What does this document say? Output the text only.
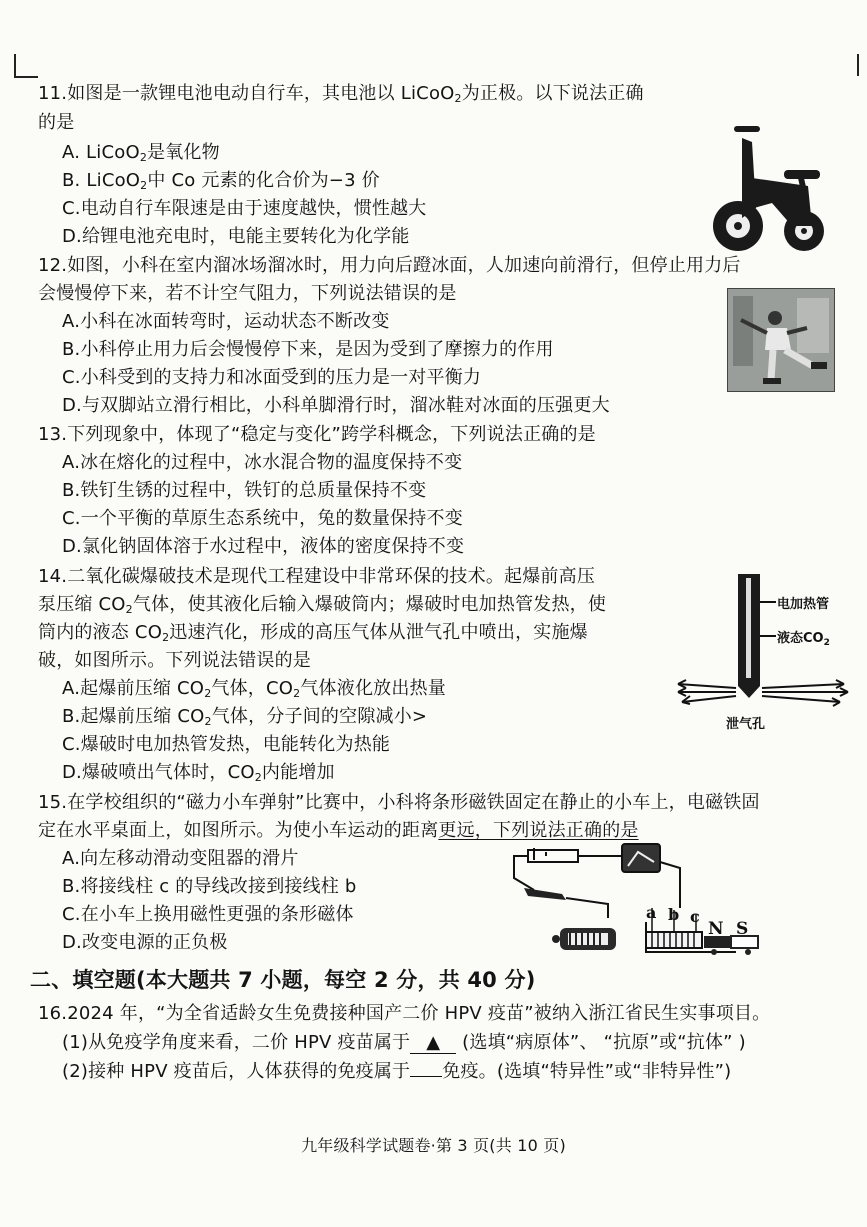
11.如图是一款锂电池电动自行车，其电池以 LiCoO$_2$为正极。以下说法正确
的是
A. LiCoO$_2$是氧化物
B. LiCoO$_2$中 Co 元素的化合价为−3 价
C.电动自行车限速是由于速度越快，惯性越大
D.给锂电池充电时，电能主要转化为化学能
12.如图，小科在室内溜冰场溜冰时，用力向后蹬冰面，人加速向前滑行，但停止用力后
会慢慢停下来，若不计空气阻力，下列说法错误的是
A.小科在冰面转弯时，运动状态不断改变
B.小科停止用力后会慢慢停下来，是因为受到了摩擦力的作用
C.小科受到的支持力和冰面受到的压力是一对平衡力
D.与双脚站立滑行相比，小科单脚滑行时，溜冰鞋对冰面的压强更大
13.下列现象中，体现了“稳定与变化”跨学科概念，下列说法正确的是
A.冰在熔化的过程中，冰水混合物的温度保持不变
B.铁钉生锈的过程中，铁钉的总质量保持不变
C.一个平衡的草原生态系统中，兔的数量保持不变
D.氯化钠固体溶于水过程中，液体的密度保持不变
14.二氧化碳爆破技术是现代工程建设中非常环保的技术。起爆前高压
泵压缩 $CO_2$气体，使其液化后输入爆破筒内；爆破时电加热管发热，使
筒内的液态 $CO_2$迅速汽化，形成的高压气体从泄气孔中喷出，实施爆
破，如图所示。下列说法错误的是
A.起爆前压缩 $CO_2$气体，$CO_2$气体液化放出热量
B.起爆前压缩 $CO_2$气体，分子间的空隙减小>
C.爆破时电加热管发热，电能转化为热能
D.爆破喷出气体时，$CO_2$内能增加
电加热管
液态$CO_2$
泄气孔
15.在学校组织的“磁力小车弹射”比赛中，小科将条形磁铁固定在静止的小车上，电磁铁固
定在水平桌面上，如图所示。为使小车运动的距离更远，下列说法正确的是
A.向左移动滑动变阻器的滑片
B.将接线柱 c 的导线改接到接线柱 b
C.在小车上换用磁性更强的条形磁体
D.改变电源的正负极
a b c
N S
二、填空题(本大题共 7 小题，每空 2 分，共 40 分)
16.2024 年，“为全省适龄女生免费接种国产二价 HPV 疫苗”被纳入浙江省民生实事项目。
(1)从免疫学角度来看，二价 HPV 疫苗属于 ▲ (选填“病原体”、 “抗原”或“抗体” )
(2)接种 HPV 疫苗后，人体获得的免疫属于 免疫。(选填“特异性”或“非特异性”)
九年级科学试题卷·第 3 页(共 10 页)
